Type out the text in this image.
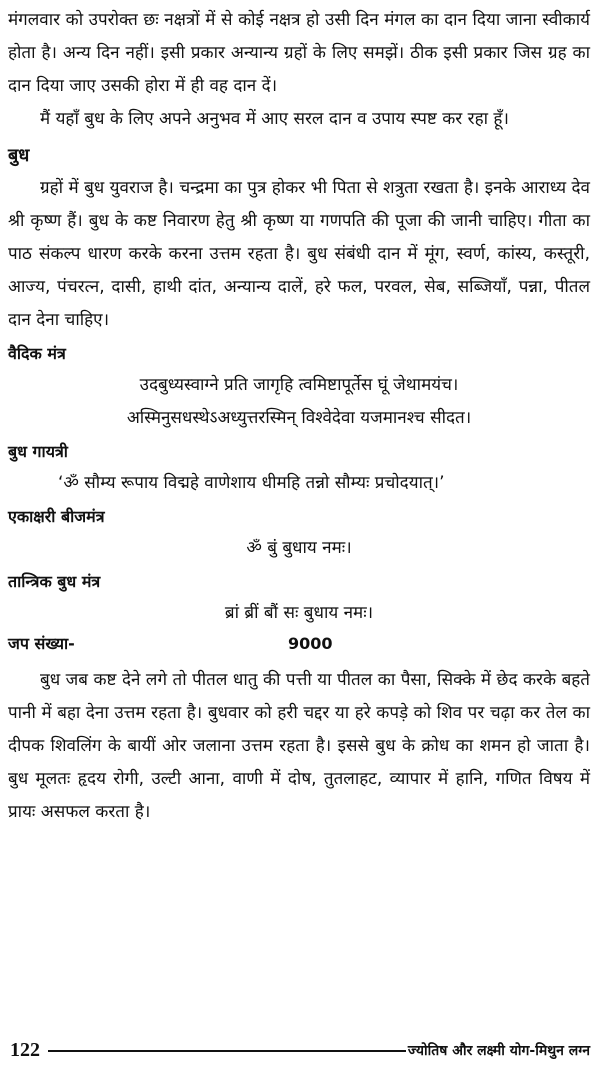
मंगलवार को उपरोक्त छः नक्षत्रों में से कोई नक्षत्र हो उसी दिन मंगल का दान दिया जाना स्वीकार्य होता है। अन्य दिन नहीं। इसी प्रकार अन्यान्य ग्रहों के लिए समझें। ठीक इसी प्रकार जिस ग्रह का दान दिया जाए उसकी होरा में ही वह दान दें।

मैं यहाँ बुध के लिए अपने अनुभव में आए सरल दान व उपाय स्पष्ट कर रहा हूँ।

बुध

ग्रहों में बुध युवराज है। चन्द्रमा का पुत्र होकर भी पिता से शत्रुता रखता है। इनके आराध्य देव श्री कृष्ण हैं। बुध के कष्ट निवारण हेतु श्री कृष्ण या गणपति की पूजा की जानी चाहिए। गीता का पाठ संकल्प धारण करके करना उत्तम रहता है। बुध संबंधी दान में मूंग, स्वर्ण, कांस्य, कस्तूरी, आज्य, पंचरत्न, दासी, हाथी दांत, अन्यान्य दालें, हरे फल, परवल, सेब, सब्जियाँ, पन्ना, पीतल दान देना चाहिए।

वैदिक मंत्र

उदबुध्यस्वाग्ने प्रति जागृहि त्वमिष्टापूर्तेस घूं जेथामयंच।

अस्मिनुसधस्थेऽअध्युत्तरस्मिन् विश्वेदेवा यजमानश्च सीदत।

बुध गायत्री

‘ॐ सौम्य रूपाय विद्महे वाणेशाय धीमहि तन्नो सौम्यः प्रचोदयात्।’

एकाक्षरी बीजमंत्र

ॐ बुं बुधाय नमः।

तान्त्रिक बुध मंत्र

ब्रां ब्रीं बौं सः बुधाय नमः।

जप संख्या-	9000

बुध जब कष्ट देने लगे तो पीतल धातु की पत्ती या पीतल का पैसा, सिक्के में छेद करके बहते पानी में बहा देना उत्तम रहता है। बुधवार को हरी चद्दर या हरे कपड़े को शिव पर चढ़ा कर तेल का दीपक शिवलिंग के बायीं ओर जलाना उत्तम रहता है। इससे बुध के क्रोध का शमन हो जाता है। बुध मूलतः हृदय रोगी, उल्टी आना, वाणी में दोष, तुतलाहट, व्यापार में हानि, गणित विषय में प्रायः असफल करता है।

122	ज्योतिष और लक्ष्मी योग-मिथुन लग्न
